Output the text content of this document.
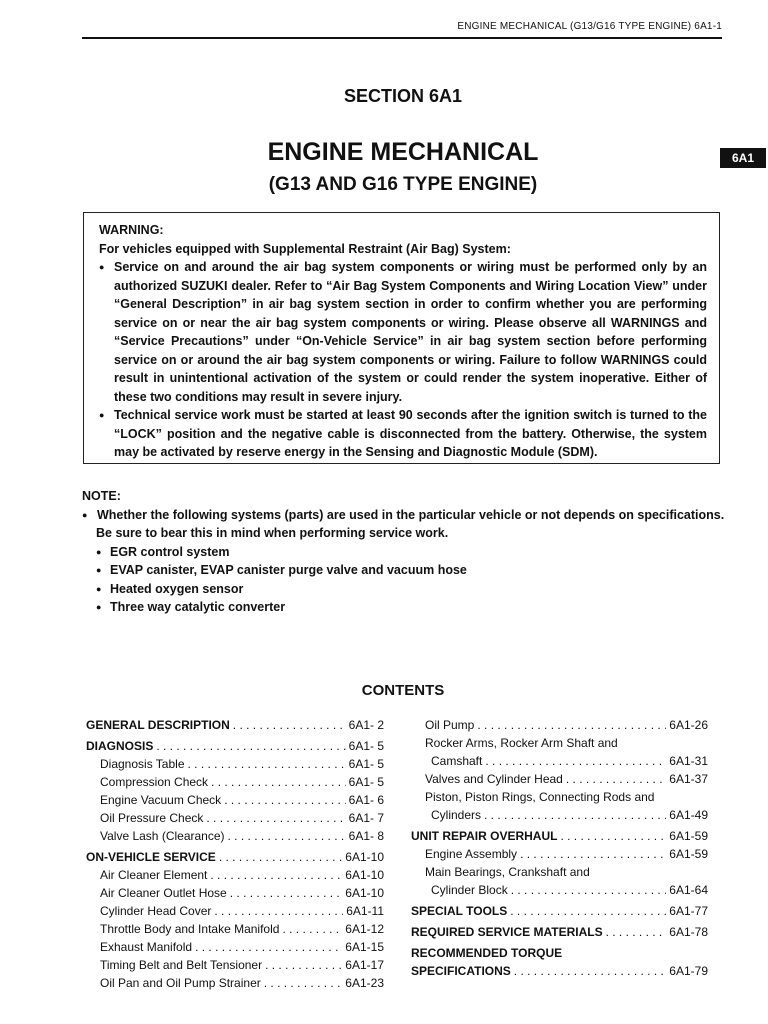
ENGINE MECHANICAL (G13/G16 TYPE ENGINE) 6A1-1
SECTION 6A1
ENGINE MECHANICAL
(G13 AND G16 TYPE ENGINE)
6A1
WARNING:
For vehicles equipped with Supplemental Restraint (Air Bag) System:
● Service on and around the air bag system components or wiring must be performed only by an authorized SUZUKI dealer. Refer to “Air Bag System Components and Wiring Location View” under “General Description” in air bag system section in order to confirm whether you are performing service on or near the air bag system components or wiring. Please observe all WARNINGS and “Service Precautions” under “On-Vehicle Service” in air bag system section before performing service on or around the air bag system components or wiring. Failure to follow WARNINGS could result in unintentional activation of the system or could render the system inoperative. Either of these two conditions may result in severe injury.
● Technical service work must be started at least 90 seconds after the ignition switch is turned to the “LOCK” position and the negative cable is disconnected from the battery. Otherwise, the system may be activated by reserve energy in the Sensing and Diagnostic Module (SDM).
NOTE:
● Whether the following systems (parts) are used in the particular vehicle or not depends on specifications.
Be sure to bear this in mind when performing service work.
● EGR control system
● EVAP canister, EVAP canister purge valve and vacuum hose
● Heated oxygen sensor
● Three way catalytic converter
CONTENTS
GENERAL DESCRIPTION . . .	6A1- 2
DIAGNOSIS . . .	6A1- 5
Diagnosis Table . . .	6A1- 5
Compression Check . . .	6A1- 5
Engine Vacuum Check . . .	6A1- 6
Oil Pressure Check . . .	6A1- 7
Valve Lash (Clearance) . . .	6A1- 8
ON-VEHICLE SERVICE . . .	6A1-10
Air Cleaner Element . . .	6A1-10
Air Cleaner Outlet Hose . . .	6A1-10
Cylinder Head Cover . . .	6A1-11
Throttle Body and Intake Manifold . . .	6A1-12
Exhaust Manifold . . .	6A1-15
Timing Belt and Belt Tensioner . . .	6A1-17
Oil Pan and Oil Pump Strainer . . .	6A1-23
Oil Pump . . .	6A1-26
Rocker Arms, Rocker Arm Shaft and
Camshaft . . .	6A1-31
Valves and Cylinder Head . . .	6A1-37
Piston, Piston Rings, Connecting Rods and
Cylinders . . .	6A1-49
UNIT REPAIR OVERHAUL . . .	6A1-59
Engine Assembly . . .	6A1-59
Main Bearings, Crankshaft and
Cylinder Block . . .	6A1-64
SPECIAL TOOLS . . .	6A1-77
REQUIRED SERVICE MATERIALS . . .	6A1-78
RECOMMENDED TORQUE
SPECIFICATIONS . . .	6A1-79
